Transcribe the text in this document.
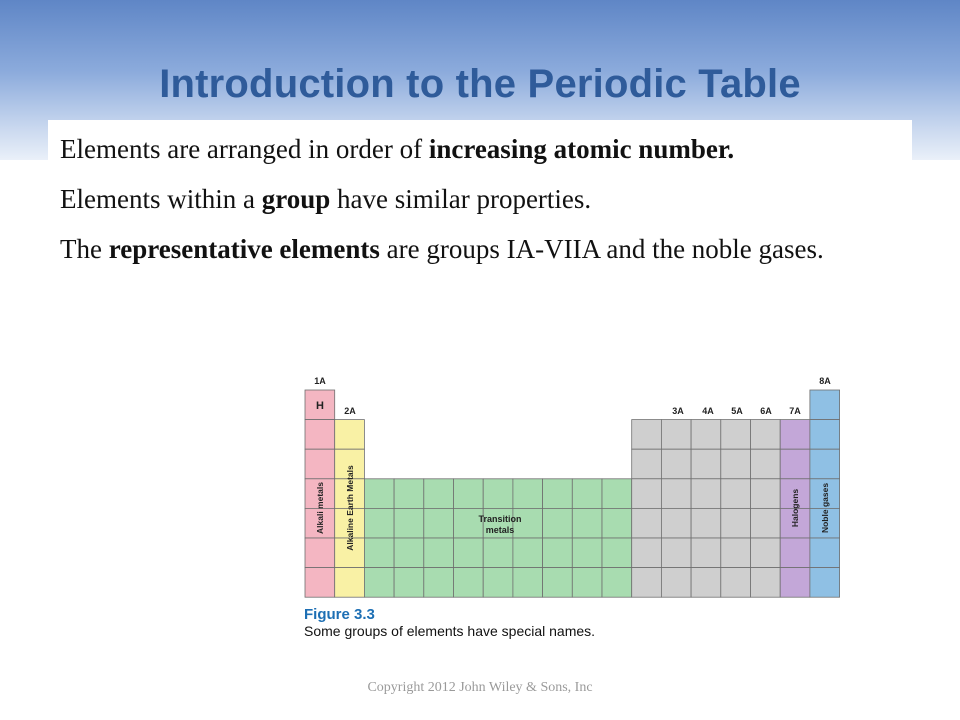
Introduction to the Periodic Table

Elements are arranged in order of increasing atomic number.

Elements within a group have similar properties.

The representative elements are groups IA-VIIA and the noble gases.

1A
2A	3A 4A 5A 6A 7A
8A
H
Transition
metals
Alkali metals Alkaline Earth Metals	Halogens Noble gases
Figure 3.3
Some groups of elements have special names.
Copyright 2012 John Wiley & Sons, Inc
